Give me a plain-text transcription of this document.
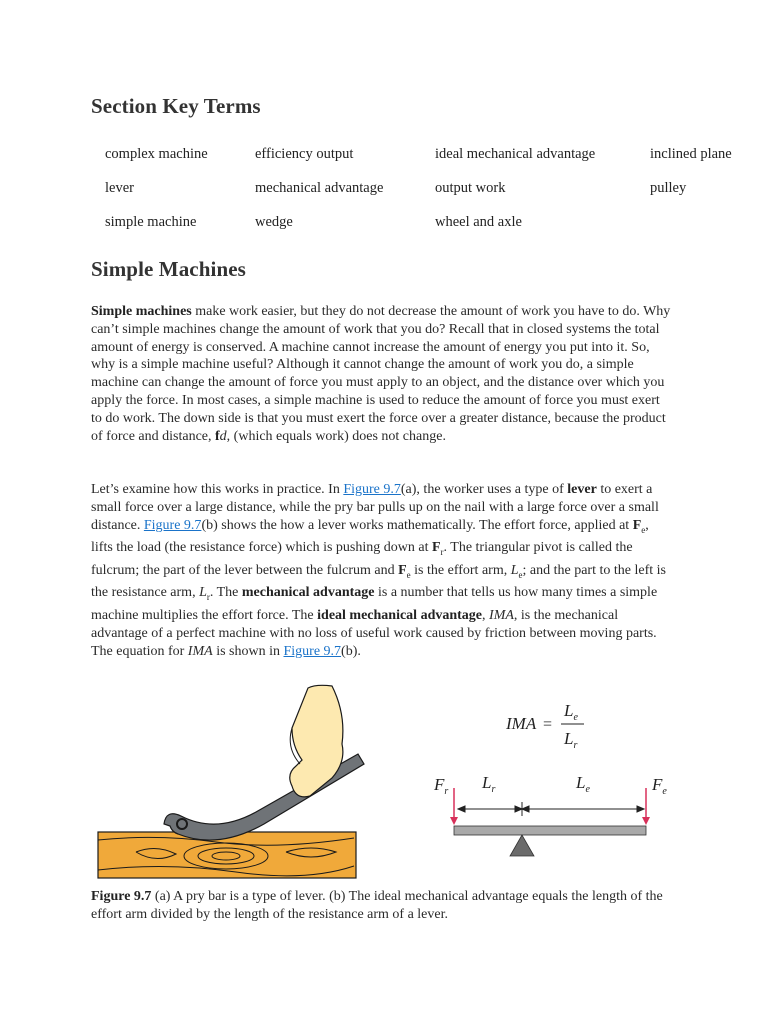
Section Key Terms
complex machine	efficiency output	ideal mechanical advantage	inclined plane
lever	mechanical advantage	output work	pulley
simple machine	wedge	wheel and axle
Simple Machines

Simple machines make work easier, but they do not decrease the amount of work you have to do. Why can’t simple machines change the amount of work that you do? Recall that in closed systems the total amount of energy is conserved. A machine cannot increase the amount of energy you put into it. So, why is a simple machine useful? Although it cannot change the amount of work you do, a simple machine can change the amount of force you must apply to an object, and the distance over which you apply the force. In most cases, a simple machine is used to reduce the amount of force you must exert to do work. The down side is that you must exert the force over a greater distance, because the product of force and distance, fd, (which equals work) does not change.

Let’s examine how this works in practice. In Figure 9.7(a), the worker uses a type of lever to exert a small force over a large distance, while the pry bar pulls up on the nail with a large force over a small distance. Figure 9.7(b) shows the how a lever works mathematically. The effort force, applied at $F_e$, lifts the load (the resistance force) which is pushing down at $F_r$. The triangular pivot is called the fulcrum; the part of the lever between the fulcrum and $F_e$ is the effort arm, $L_e$; and the part to the left is the resistance arm, $L_r$. The mechanical advantage is a number that tells us how many times a simple machine multiplies the effort force. The ideal mechanical advantage, IMA, is the mechanical advantage of a perfect machine with no loss of useful work caused by friction between moving parts. The equation for IMA is shown in Figure 9.7(b).

IMA =
$L_e$
$L_r$
$F_r$ $L_r$	$L_e$	$F_e$

Figure 9.7 (a) A pry bar is a type of lever. (b) The ideal mechanical advantage equals the length of the effort arm divided by the length of the resistance arm of a lever.
